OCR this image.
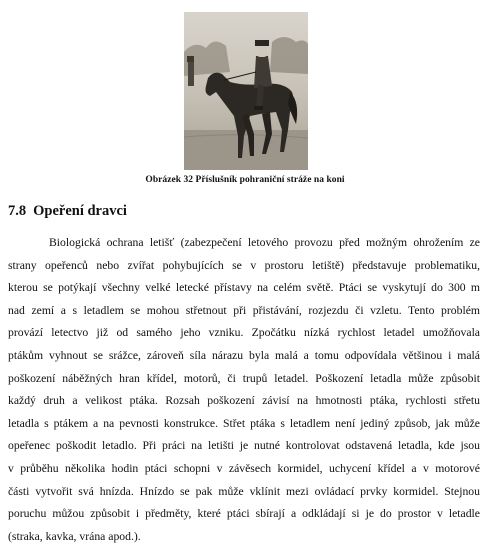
Obrázek 32 Příslušník pohraniční stráže na koni
7.8 Opeření dravci
Biologická ochrana letišť (zabezpečení letového provozu před možným ohrožením ze
strany opeřenců nebo zvířat pohybujících se v prostoru letiště) představuje problematiku,
kterou se potýkají všechny velké letecké přístavy na celém světě. Ptáci se vyskytují do 300 m
nad zemí a s letadlem se mohou střetnout při přistávání, rozjezdu či vzletu. Tento problém
provází letectvo již od samého jeho vzniku. Zpočátku nízká rychlost letadel umožňovala
ptákům vyhnout se srážce, zároveň síla nárazu byla malá a tomu odpovídala většinou i malá
poškození náběžných hran křídel, motorů, či trupů letadel. Poškození letadla může způsobit
každý druh a velikost ptáka. Rozsah poškození závisí na hmotnosti ptáka, rychlosti střetu
letadla s ptákem a na pevnosti konstrukce. Střet ptáka s letadlem není jediný způsob, jak může
opeřenec poškodit letadlo. Při práci na letišti je nutné kontrolovat odstavená letadla, kde jsou
v průběhu několika hodin ptáci schopni v závěsech kormidel, uchycení křídel a v motorové
části vytvořit svá hnízda. Hnízdo se pak může vklínit mezi ovládací prvky kormidel. Stejnou
poruchu můžou způsobit i předměty, které ptáci sbírají a odkládají si je do prostor v letadle
(straka, kavka, vrána apod.).
